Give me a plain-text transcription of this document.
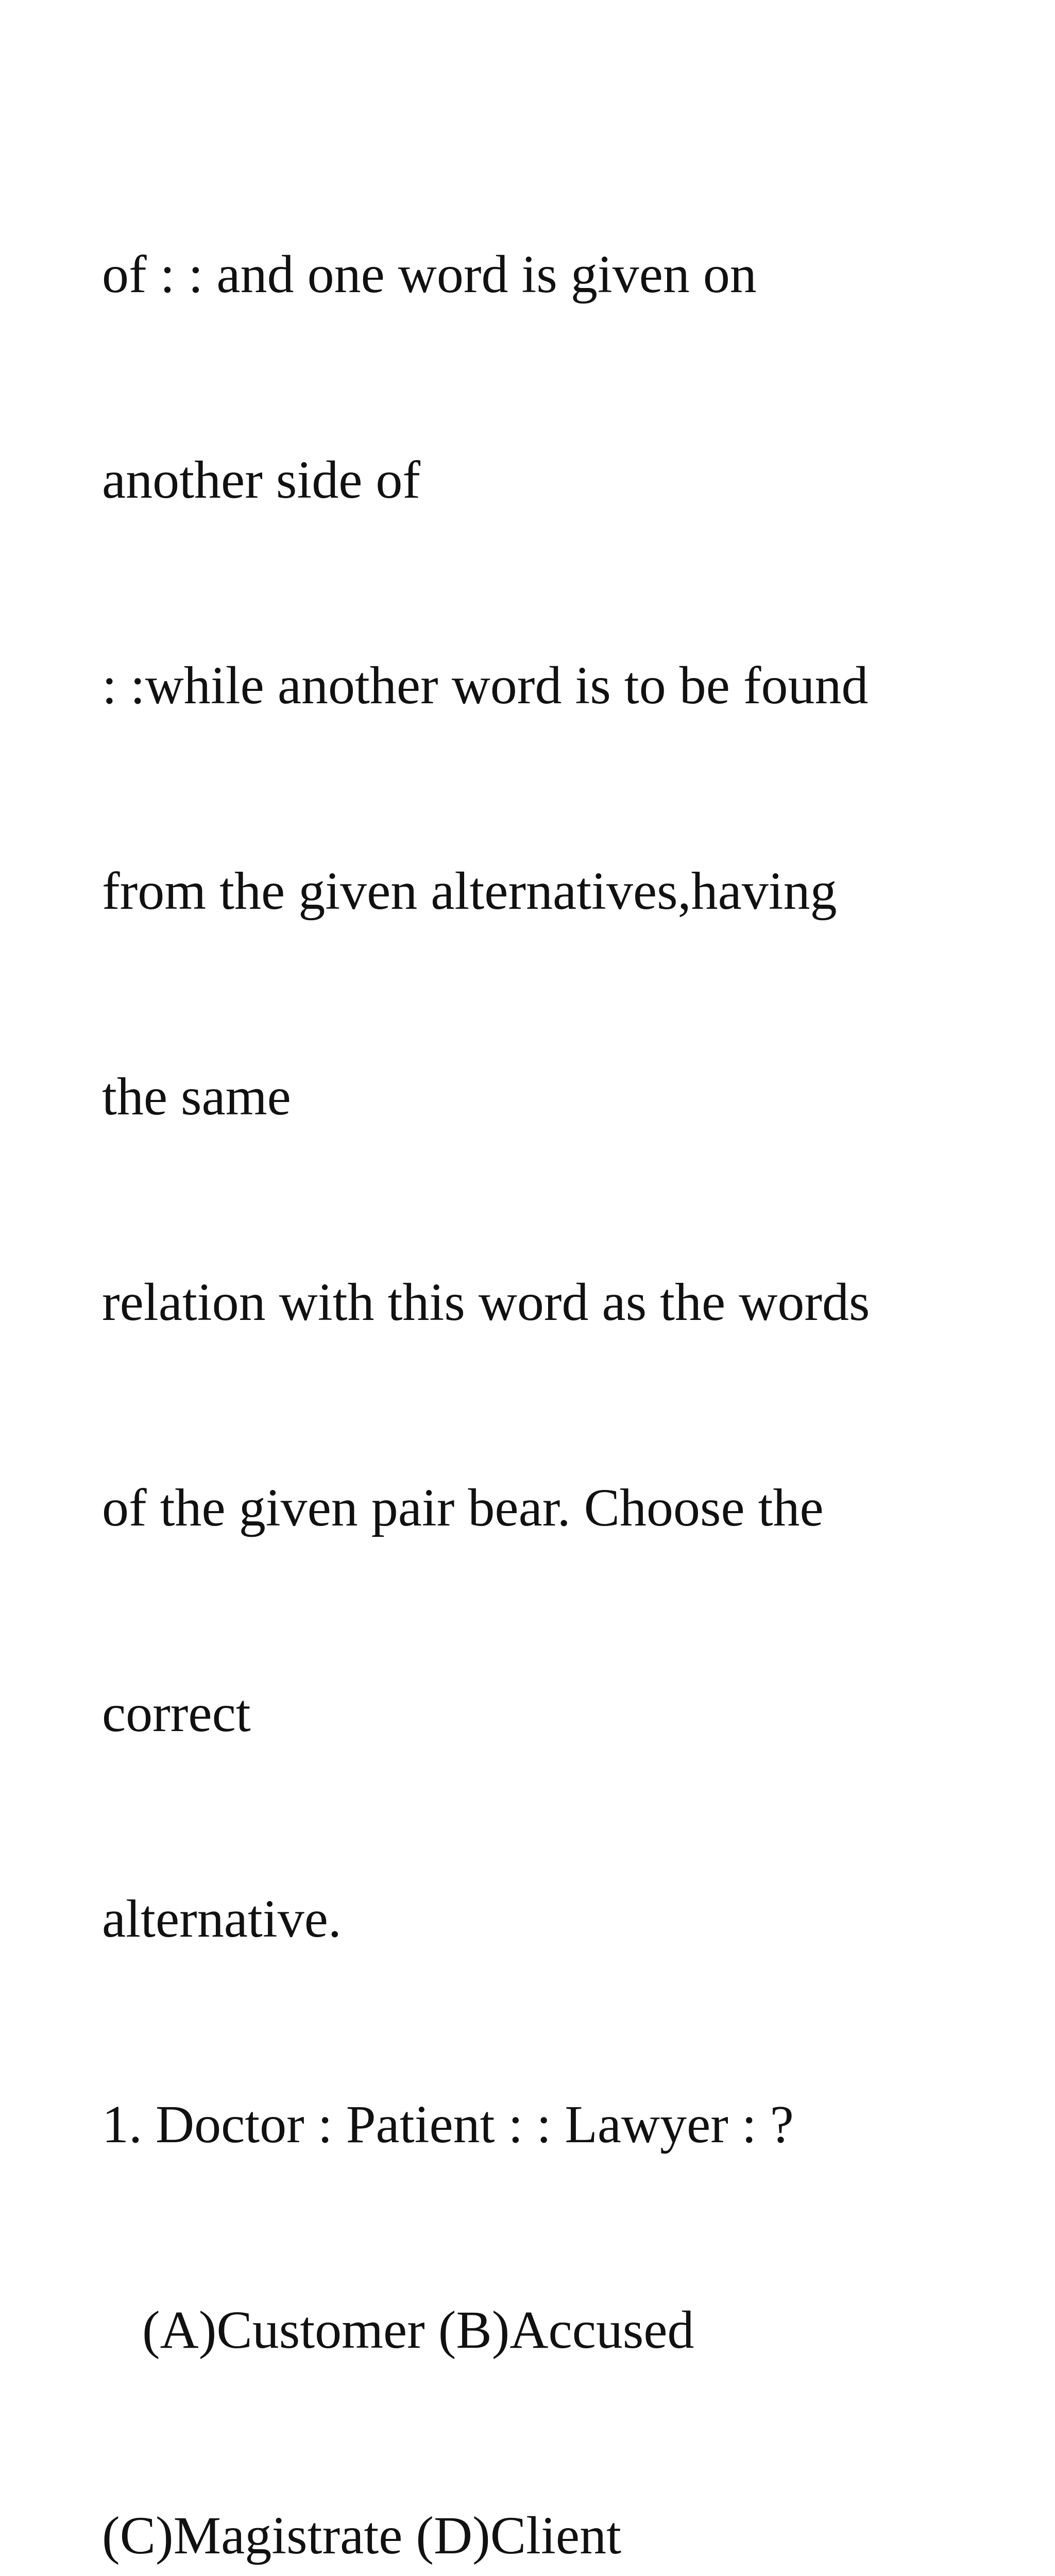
of : : and one word is given on

another side of

: :while another word is to be found

from the given alternatives,having

the same

relation with this word as the words

of the given pair bear. Choose the

correct

alternative.

1. Doctor : Patient : : Lawyer : ?

(A)Customer (B)Accused

(C)Magistrate (D)Client
